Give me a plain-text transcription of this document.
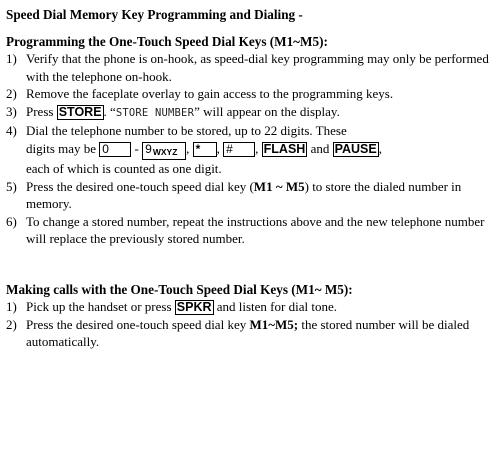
Speed Dial Memory Key Programming and Dialing -

Programming the One-Touch Speed Dial Keys (M1~M5):

1) Verify that the phone is on-hook, as speed-dial key programming may only be performed with the telephone on-hook.
2) Remove the faceplate overlay to gain access to the programming keys.
3) Press STORE . “STORE NUMBER” will appear on the display.
4) Dial the telephone number to be stored, up to 22 digits. These
digits may be $0 - 9_{WXYZ}$ , * , # , FLASH and PAUSE ,
each of which is counted as one digit.
5) Press the desired one-touch speed dial key (M1 ~ M5) to store the dialed number in memory.
6) To change a stored number, repeat the instructions above and the new telephone number will replace the previously stored number.

Making calls with the One-Touch Speed Dial Keys (M1~ M5):

1) Pick up the handset or press SPKR and listen for dial tone.
2) Press the desired one-touch speed dial key M1~M5; the stored number will be dialed automatically.
